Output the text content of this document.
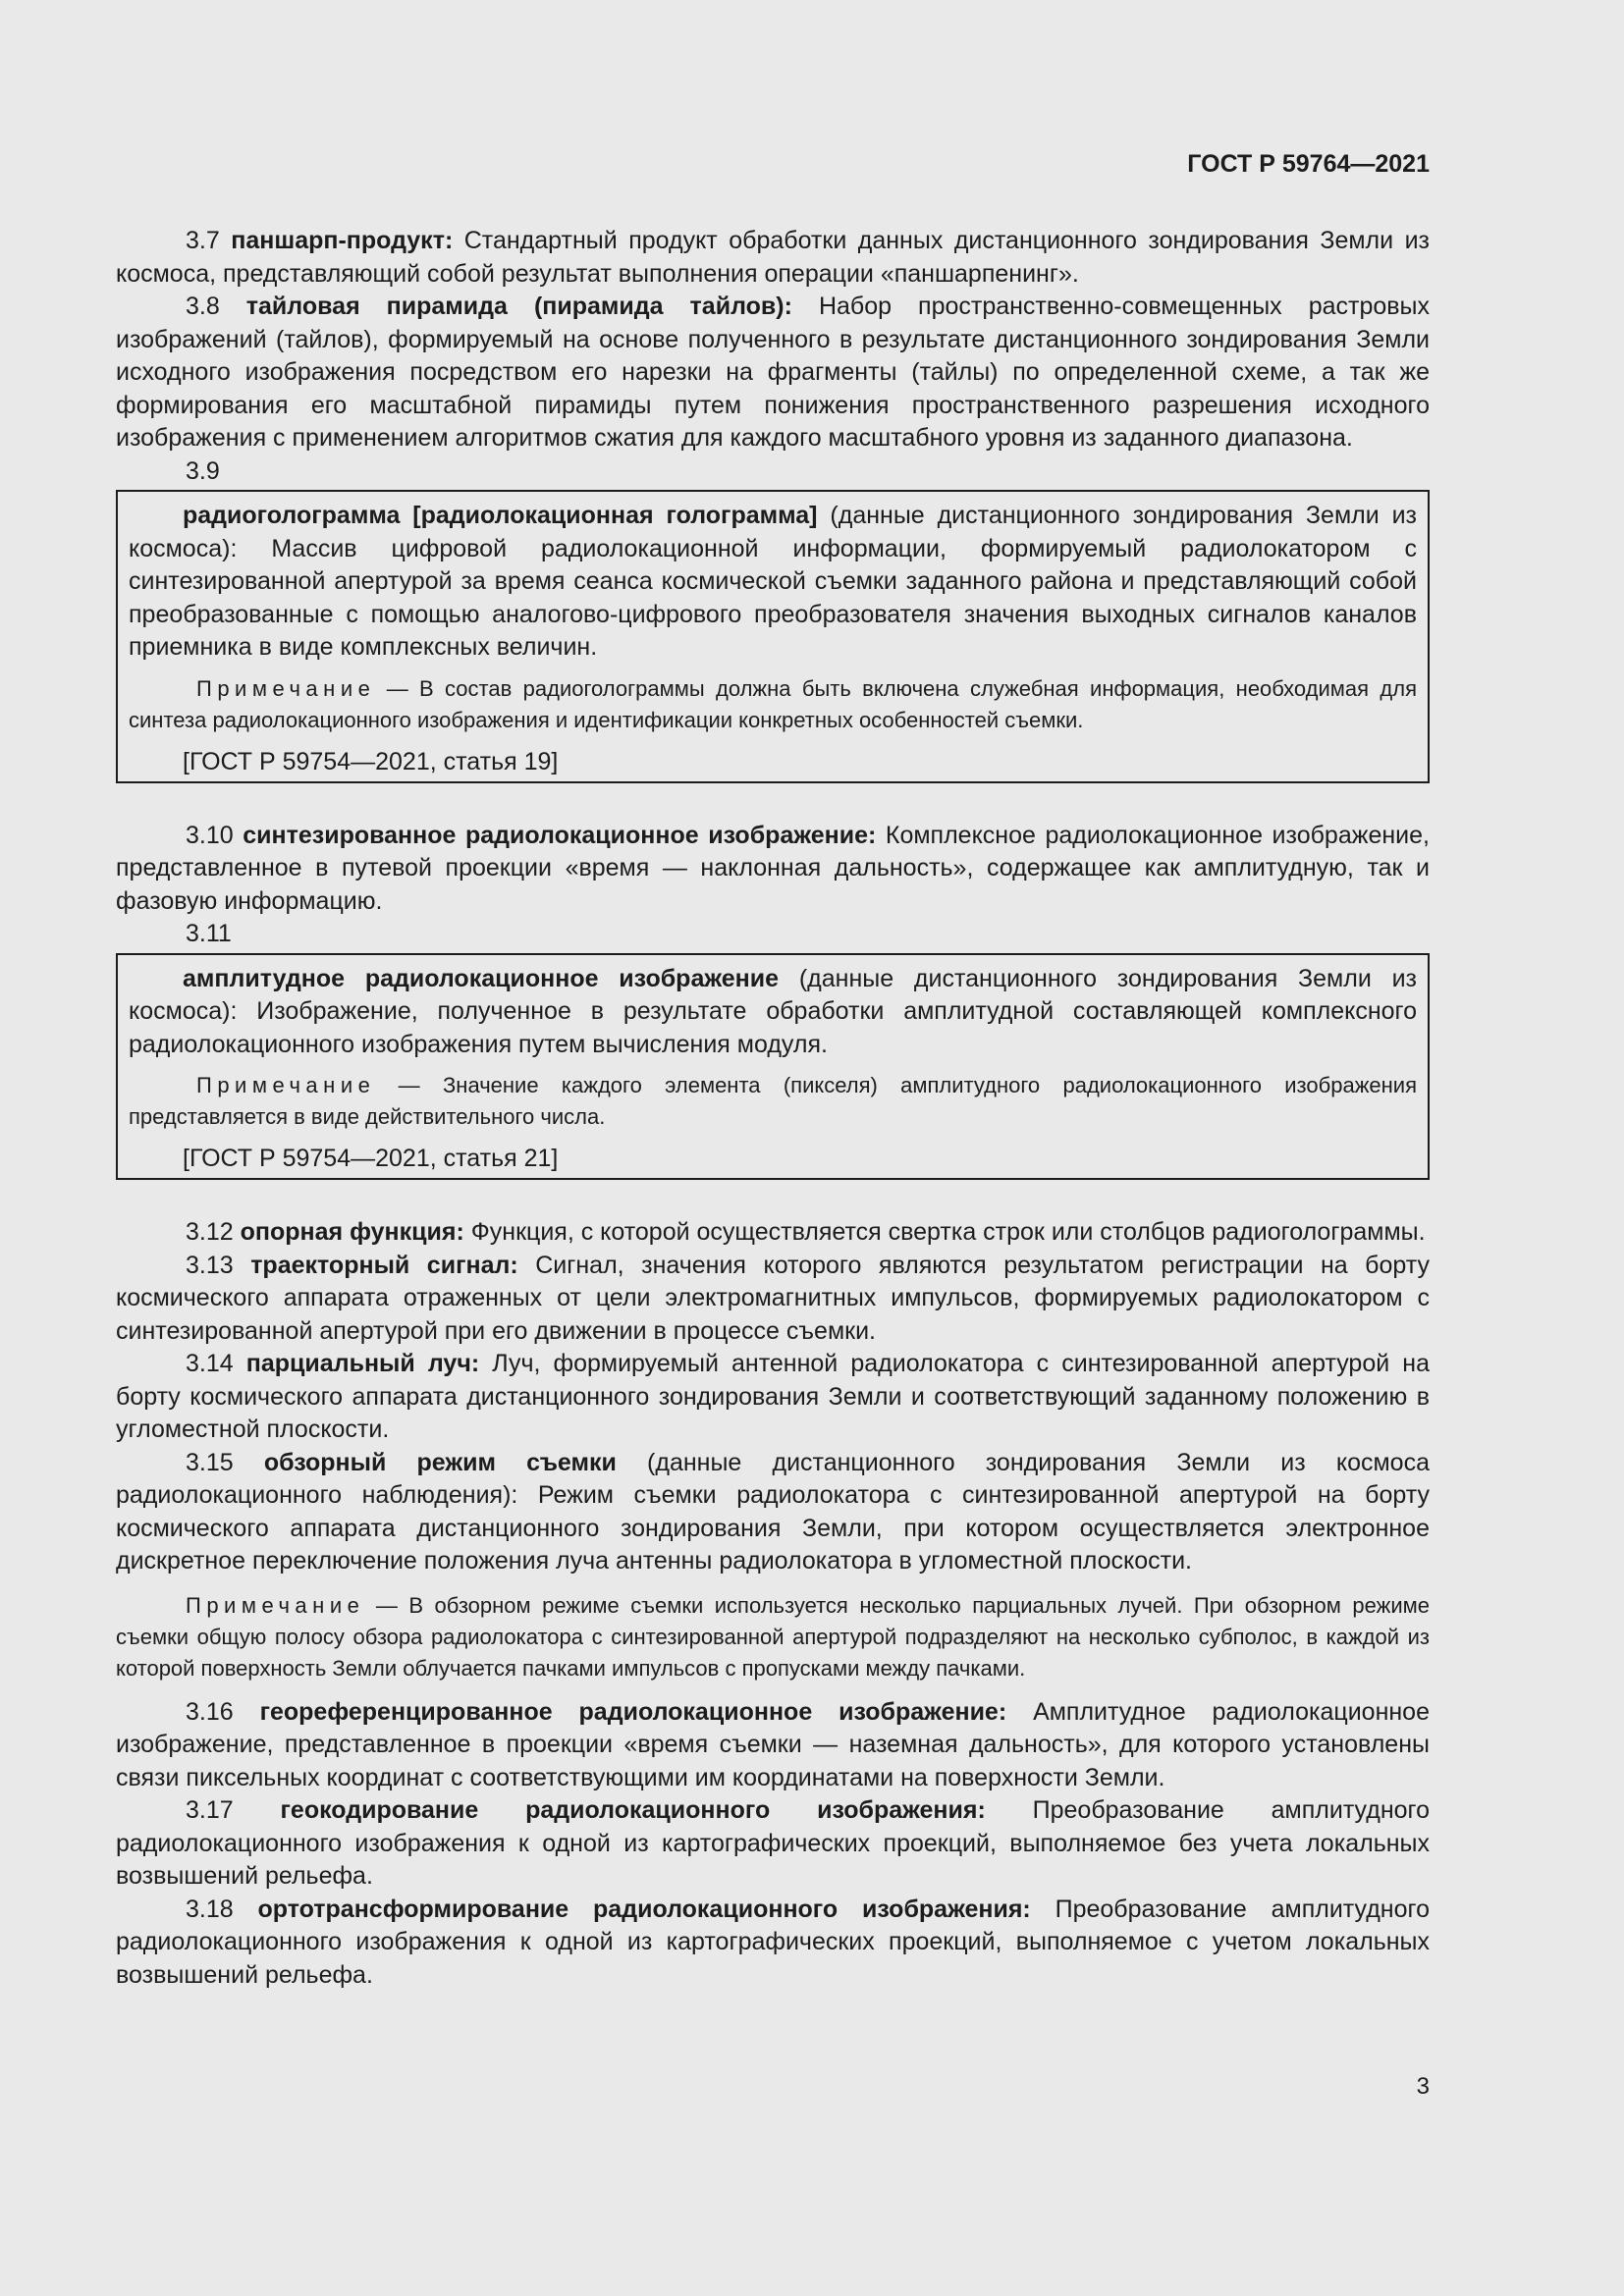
ГОСТ Р 59764—2021

3.7 паншарп-продукт: Стандартный продукт обработки данных дистанционного зондирования Земли из космоса, представляющий собой результат выполнения операции «паншарпенинг».

3.8 тайловая пирамида (пирамида тайлов): Набор пространственно-совмещенных растровых изображений (тайлов), формируемый на основе полученного в результате дистанционного зондирования Земли исходного изображения посредством его нарезки на фрагменты (тайлы) по определенной схеме, а так же формирования его масштабной пирамиды путем понижения пространственного разрешения исходного изображения с применением алгоритмов сжатия для каждого масштабного уровня из заданного диапазона.

3.9

радиоголограмма [радиолокационная голограмма] (данные дистанционного зондирования Земли из космоса): Массив цифровой радиолокационной информации, формируемый радиолокатором с синтезированной апертурой за время сеанса космической съемки заданного района и представляющий собой преобразованные с помощью аналогово-цифрового преобразователя значения выходных сигналов каналов приемника в виде комплексных величин.

Примечание — В состав радиоголограммы должна быть включена служебная информация, необходимая для синтеза радиолокационного изображения и идентификации конкретных особенностей съемки.

[ГОСТ Р 59754—2021, статья 19]

3.10 синтезированное радиолокационное изображение: Комплексное радиолокационное изображение, представленное в путевой проекции «время — наклонная дальность», содержащее как амплитудную, так и фазовую информацию.

3.11

амплитудное радиолокационное изображение (данные дистанционного зондирования Земли из космоса): Изображение, полученное в результате обработки амплитудной составляющей комплексного радиолокационного изображения путем вычисления модуля.

Примечание — Значение каждого элемента (пикселя) амплитудного радиолокационного изображения представляется в виде действительного числа.

[ГОСТ Р 59754—2021, статья 21]

3.12 опорная функция: Функция, с которой осуществляется свертка строк или столбцов радиоголограммы.

3.13 траекторный сигнал: Сигнал, значения которого являются результатом регистрации на борту космического аппарата отраженных от цели электромагнитных импульсов, формируемых радиолокатором с синтезированной апертурой при его движении в процессе съемки.

3.14 парциальный луч: Луч, формируемый антенной радиолокатора с синтезированной апертурой на борту космического аппарата дистанционного зондирования Земли и соответствующий заданному положению в угломестной плоскости.

3.15 обзорный режим съемки (данные дистанционного зондирования Земли из космоса радиолокационного наблюдения): Режим съемки радиолокатора с синтезированной апертурой на борту космического аппарата дистанционного зондирования Земли, при котором осуществляется электронное дискретное переключение положения луча антенны радиолокатора в угломестной плоскости.

Примечание — В обзорном режиме съемки используется несколько парциальных лучей. При обзорном режиме съемки общую полосу обзора радиолокатора с синтезированной апертурой подразделяют на несколько субполос, в каждой из которой поверхность Земли облучается пачками импульсов с пропусками между пачками.

3.16 геореференцированное радиолокационное изображение: Амплитудное радиолокационное изображение, представленное в проекции «время съемки — наземная дальность», для которого установлены связи пиксельных координат с соответствующими им координатами на поверхности Земли.

3.17 геокодирование радиолокационного изображения: Преобразование амплитудного радиолокационного изображения к одной из картографических проекций, выполняемое без учета локальных возвышений рельефа.

3.18 ортотрансформирование радиолокационного изображения: Преобразование амплитудного радиолокационного изображения к одной из картографических проекций, выполняемое с учетом локальных возвышений рельефа.

3
